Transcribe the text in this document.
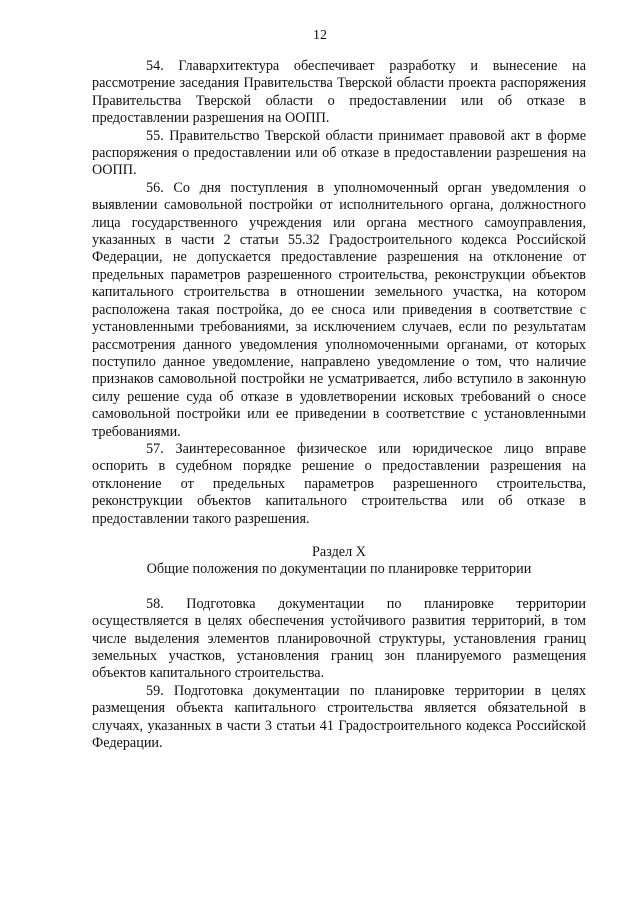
12

54. Главархитектура обеспечивает разработку и вынесение на рассмотрение заседания Правительства Тверской области проекта распоряжения Правительства Тверской области о предоставлении или об отказе в предоставлении разрешения на ООПП.

55. Правительство Тверской области принимает правовой акт в форме распоряжения о предоставлении или об отказе в предоставлении разрешения на ООПП.

56. Со дня поступления в уполномоченный орган уведомления о выявлении самовольной постройки от исполнительного органа, должностного лица государственного учреждения или органа местного самоуправления, указанных в части 2 статьи 55.32 Градостроительного кодекса Российской Федерации, не допускается предоставление разрешения на отклонение от предельных параметров разрешенного строительства, реконструкции объектов капитального строительства в отношении земельного участка, на котором расположена такая постройка, до ее сноса или приведения в соответствие с установленными требованиями, за исключением случаев, если по результатам рассмотрения данного уведомления уполномоченными органами, от которых поступило данное уведомление, направлено уведомление о том, что наличие признаков самовольной постройки не усматривается, либо вступило в законную силу решение суда об отказе в удовлетворении исковых требований о сносе самовольной постройки или ее приведении в соответствие с установленными требованиями.

57. Заинтересованное физическое или юридическое лицо вправе оспорить в судебном порядке решение о предоставлении разрешения на отклонение от предельных параметров разрешенного строительства, реконструкции объектов капитального строительства или об отказе в предоставлении такого разрешения.

Раздел X

Общие положения по документации по планировке территории

58. Подготовка документации по планировке территории осуществляется в целях обеспечения устойчивого развития территорий, в том числе выделения элементов планировочной структуры, установления границ земельных участков, установления границ зон планируемого размещения объектов капитального строительства.

59. Подготовка документации по планировке территории в целях размещения объекта капитального строительства является обязательной в случаях, указанных в части 3 статьи 41 Градостроительного кодекса Российской Федерации.
